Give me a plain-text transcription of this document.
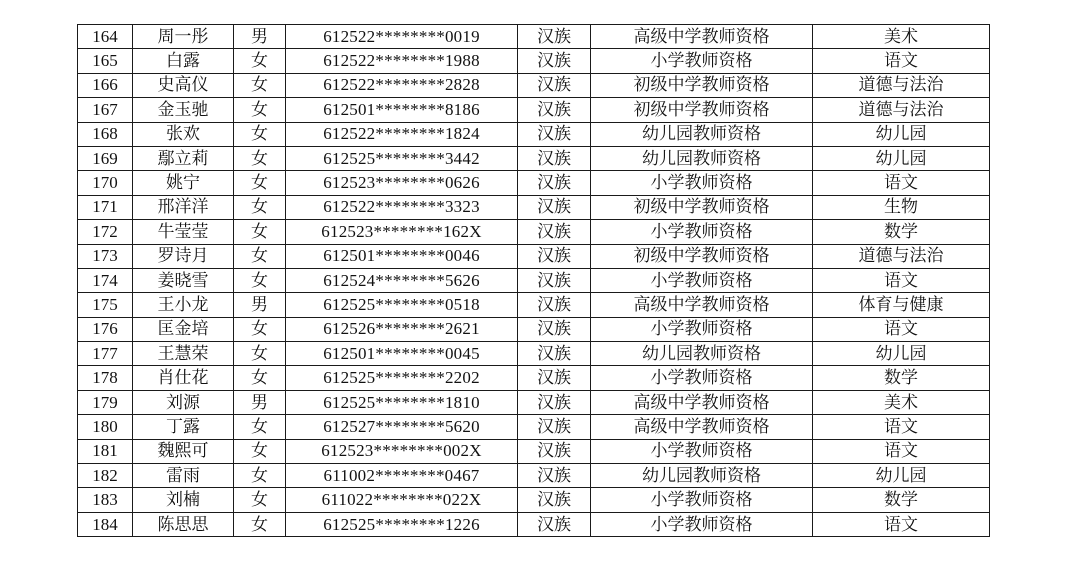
164	周一彤	男	612522********0019	汉族	高级中学教师资格	美术
165	白露	女	612522********1988	汉族	小学教师资格	语文
166	史高仪	女	612522********2828	汉族	初级中学教师资格	道德与法治
167	金玉驰	女	612501********8186	汉族	初级中学教师资格	道德与法治
168	张欢	女	612522********1824	汉族	幼儿园教师资格	幼儿园
169	鄢立莉	女	612525********3442	汉族	幼儿园教师资格	幼儿园
170	姚宁	女	612523********0626	汉族	小学教师资格	语文
171	邢洋洋	女	612522********3323	汉族	初级中学教师资格	生物
172	牛莹莹	女	612523********162X	汉族	小学教师资格	数学
173	罗诗月	女	612501********0046	汉族	初级中学教师资格	道德与法治
174	姜晓雪	女	612524********5626	汉族	小学教师资格	语文
175	王小龙	男	612525********0518	汉族	高级中学教师资格	体育与健康
176	匡金培	女	612526********2621	汉族	小学教师资格	语文
177	王慧荣	女	612501********0045	汉族	幼儿园教师资格	幼儿园
178	肖仕花	女	612525********2202	汉族	小学教师资格	数学
179	刘源	男	612525********1810	汉族	高级中学教师资格	美术
180	丁露	女	612527********5620	汉族	高级中学教师资格	语文
181	魏熙可	女	612523********002X	汉族	小学教师资格	语文
182	雷雨	女	611002********0467	汉族	幼儿园教师资格	幼儿园
183	刘楠	女	611022********022X	汉族	小学教师资格	数学
184	陈思思	女	612525********1226	汉族	小学教师资格	语文
